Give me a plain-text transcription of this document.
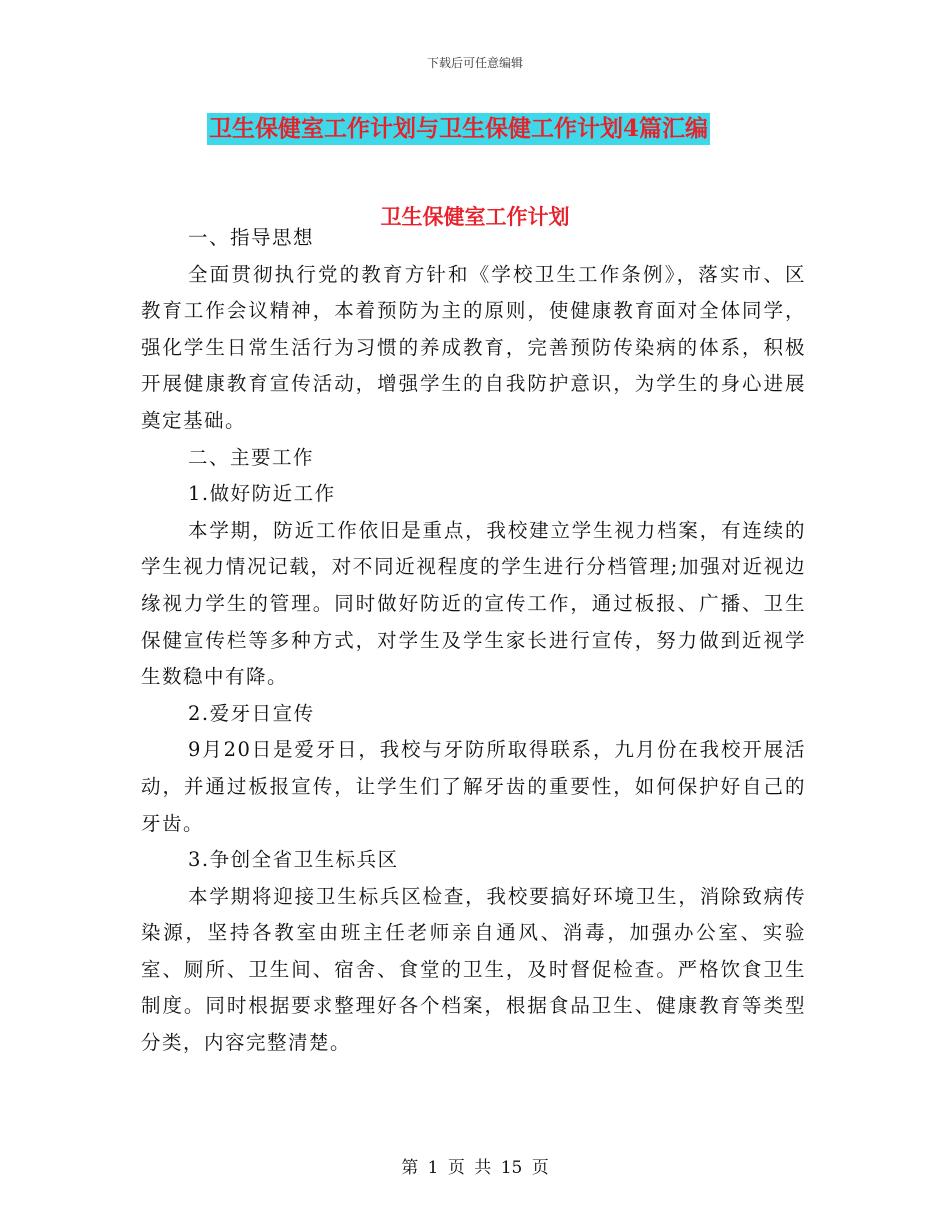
下载后可任意编辑
卫生保健室工作计划与卫生保健工作计划4篇汇编
卫生保健室工作计划

一、指导思想

全面贯彻执行党的教育方针和《学校卫生工作条例》，落实市、区教育工作会议精神，本着预防为主的原则，使健康教育面对全体同学，强化学生日常生活行为习惯的养成教育，完善预防传染病的体系，积极开展健康教育宣传活动，增强学生的自我防护意识，为学生的身心进展奠定基础。

二、主要工作

1.做好防近工作

本学期，防近工作依旧是重点，我校建立学生视力档案，有连续的学生视力情况记载，对不同近视程度的学生进行分档管理;加强对近视边缘视力学生的管理。同时做好防近的宣传工作，通过板报、广播、卫生保健宣传栏等多种方式，对学生及学生家长进行宣传，努力做到近视学生数稳中有降。

2.爱牙日宣传

9月20日是爱牙日，我校与牙防所取得联系，九月份在我校开展活动，并通过板报宣传，让学生们了解牙齿的重要性，如何保护好自己的牙齿。

3.争创全省卫生标兵区

本学期将迎接卫生标兵区检查，我校要搞好环境卫生，消除致病传染源，坚持各教室由班主任老师亲自通风、消毒，加强办公室、实验室、厕所、卫生间、宿舍、食堂的卫生，及时督促检查。严格饮食卫生制度。同时根据要求整理好各个档案，根据食品卫生、健康教育等类型分类，内容完整清楚。

第 1 页 共 15 页
